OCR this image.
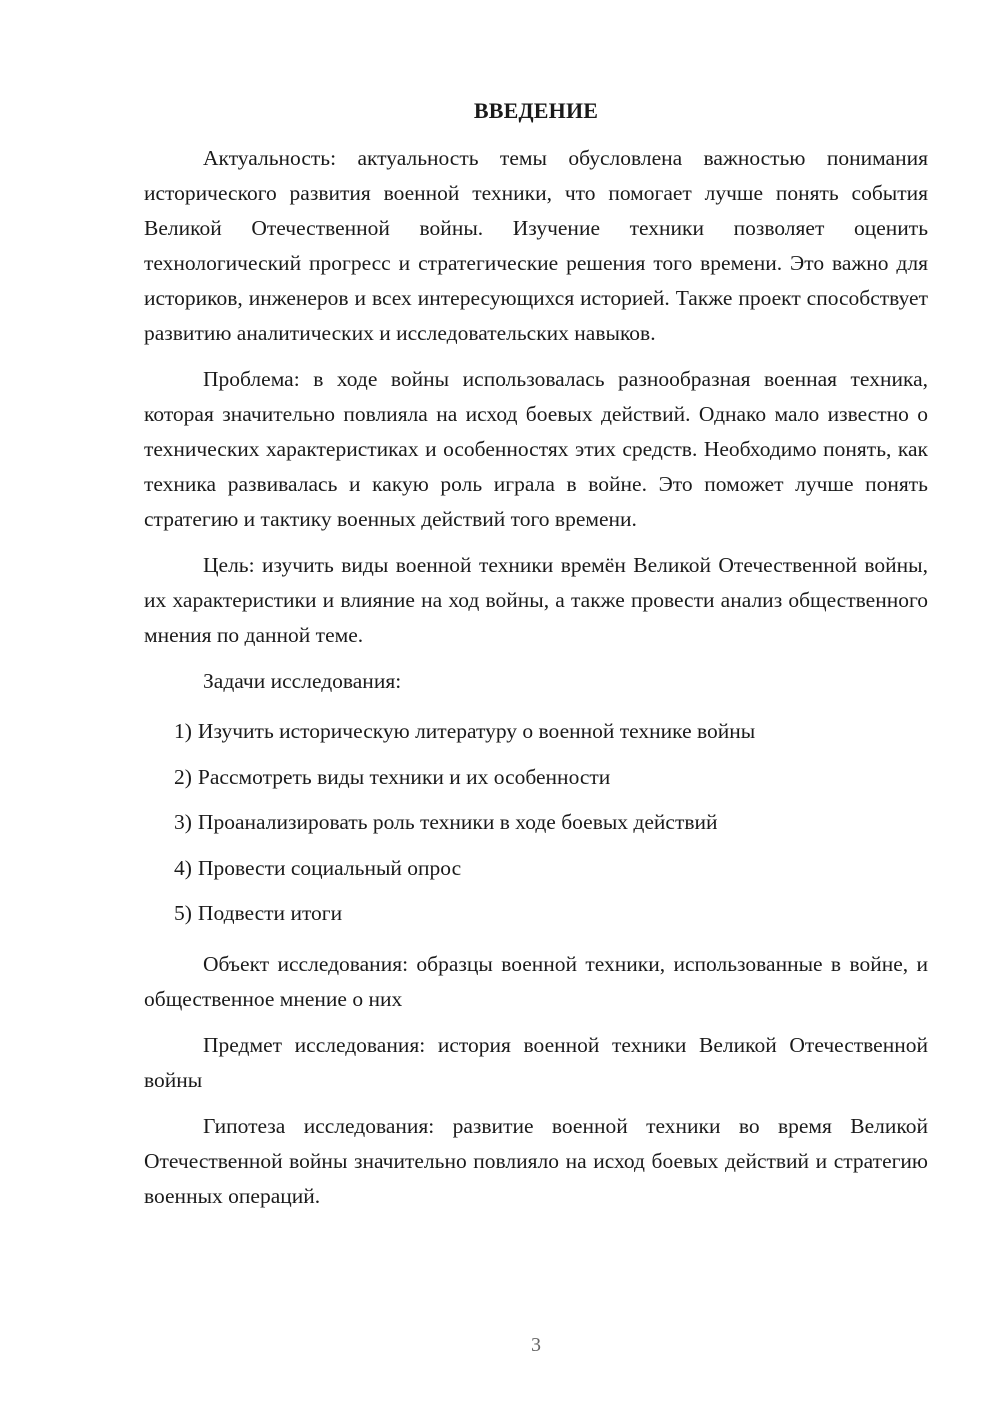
ВВЕДЕНИЕ

Актуальность: актуальность темы обусловлена важностью понимания исторического развития военной техники, что помогает лучше понять события Великой Отечественной войны. Изучение техники позволяет оценить технологический прогресс и стратегические решения того времени. Это важно для историков, инженеров и всех интересующихся историей. Также проект способствует развитию аналитических и исследовательских навыков.

Проблема: в ходе войны использовалась разнообразная военная техника, которая значительно повлияла на исход боевых действий. Однако мало известно о технических характеристиках и особенностях этих средств. Необходимо понять, как техника развивалась и какую роль играла в войне. Это поможет лучше понять стратегию и тактику военных действий того времени.

Цель: изучить виды военной техники времён Великой Отечественной войны, их характеристики и влияние на ход войны, а также провести анализ общественного мнения по данной теме.

Задачи исследования:

1) Изучить историческую литературу о военной технике войны
2) Рассмотреть виды техники и их особенности
3) Проанализировать роль техники в ходе боевых действий
4) Провести социальный опрос
5) Подвести итоги

Объект исследования: образцы военной техники, использованные в войне, и общественное мнение о них

Предмет исследования: история военной техники Великой Отечественной войны

Гипотеза исследования: развитие военной техники во время Великой Отечественной войны значительно повлияло на исход боевых действий и стратегию военных операций.

3
